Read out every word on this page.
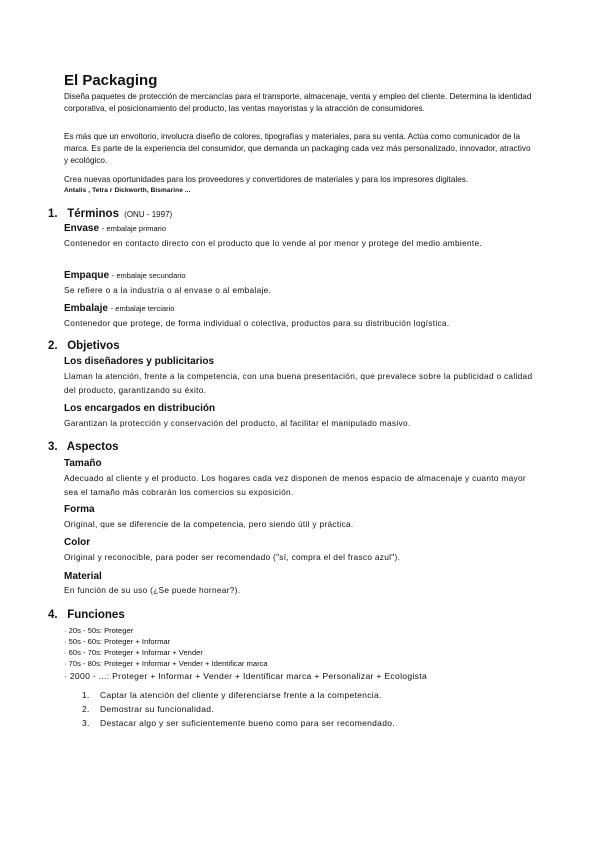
El Packaging
Diseña paquetes de protección de mercancías para el transporte, almacenaje, venta y empleo del cliente. Determina la identidad corporativa, el posicionamiento del producto, las ventas mayoristas y la atracción de consumidores.
Es más que un envoltorio, involucra diseño de colores, tipografías y materiales, para su venta. Actúa como comunicador de la marca. Es parte de la experiencia del consumidor, que demanda un packaging cada vez más personalizado, innovador, atractivo y ecológico.
Crea nuevas oportunidades para los proveedores y convertidores de materiales y para los impresores digitales.
Antalis , Tetra r Dickworth, Bismarine ...
1. Términos (ONU - 1997)
Envase - embalaje primario
Contenedor en contacto directo con el producto que lo vende al por menor y protege del medio ambiente.
Empaque - embalaje secundario
Se refiere o a la industria o al envase o al embalaje.
Embalaje - embalaje terciario
Contenedor que protege, de forma individual o colectiva, productos para su distribución logística.
2. Objetivos
Los diseñadores y publicitarios
Llaman la atención, frente a la competencia, con una buena presentación, que prevalece sobre la publicidad o calidad del producto, garantizando su éxito.
Los encargados en distribución
Garantizan la protección y conservación del producto, al facilitar el manipulado masivo.
3. Aspectos
Tamaño
Adecuado al cliente y el producto. Los hogares cada vez disponen de menos espacio de almacenaje y cuanto mayor sea el tamaño más cobrarán los comercios su exposición.
Forma
Original, que se diferencie de la competencia, pero siendo útil y práctica.
Color
Original y reconocible, para poder ser recomendado ("sí, compra el del frasco azul").
Material
En función de su uso (¿Se puede hornear?).
4. Funciones
· 20s - 50s: Proteger
· 50s - 60s: Proteger + Informar
· 60s - 70s: Proteger + Informar + Vender
· 70s - 80s: Proteger + Informar + Vender + Identificar marca
· 2000 - ...: Proteger + Informar + Vender + Identificar marca + Personalizar + Ecologista
1. Captar la atención del cliente y diferenciarse frente a la competencia.
2. Demostrar su funcionalidad.
3. Destacar algo y ser suficientemente bueno como para ser recomendado.
